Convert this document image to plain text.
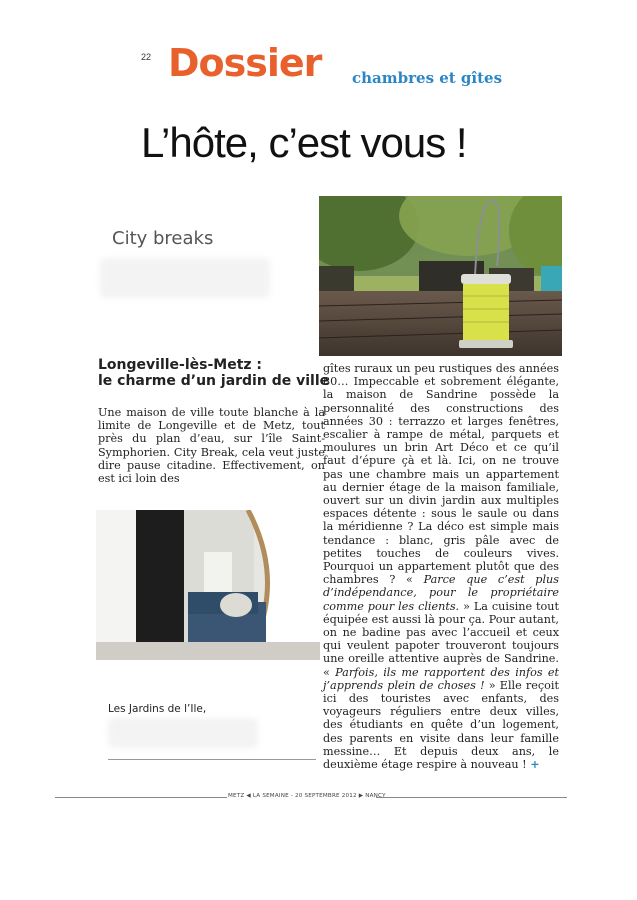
22 Dossier chambres et gîtes
L’hôte, c’est vous !
City breaks
Longeville-lès-Metz :
le charme d’un jardin de ville
Une maison de ville toute blanche à la limite de Longeville et de Metz, tout près du plan d’eau, sur l’île Saint-Symphorien. City Break, cela veut juste dire pause citadine. Effectivement, on est ici loin des
Les Jardins de l’Ile,
gîtes ruraux un peu rustiques des années 80… Impeccable et sobrement élégante, la maison de Sandrine possède la personnalité des constructions des années 30 : terrazzo et larges fenêtres, escalier à rampe de métal, parquets et moulures un brin Art Déco et ce qu’il faut d’épure çà et là. Ici, on ne trouve pas une chambre mais un appartement au dernier étage de la maison familiale, ouvert sur un divin jardin aux multiples espaces détente : sous le saule ou dans la méridienne ? La déco est simple mais tendance : blanc, gris pâle avec de petites touches de couleurs vives. Pourquoi un appartement plutôt que des chambres ? « Parce que c’est plus d’indépendance, pour le propriétaire comme pour les clients. » La cuisine tout équipée est aussi là pour ça. Pour autant, on ne badine pas avec l’accueil et ceux qui veulent papoter trouveront toujours une oreille attentive auprès de Sandrine. « Parfois, ils me rapportent des infos et j’apprends plein de choses ! » Elle reçoit ici des touristes avec enfants, des voyageurs réguliers entre deux villes, des étudiants en quête d’un logement, des parents en visite dans leur famille messine… Et depuis deux ans, le deuxième étage respire à nouveau ! +
METZ ◀ LA SEMAINE - 20 SEPTEMBRE 2012 ▶ NANCY
